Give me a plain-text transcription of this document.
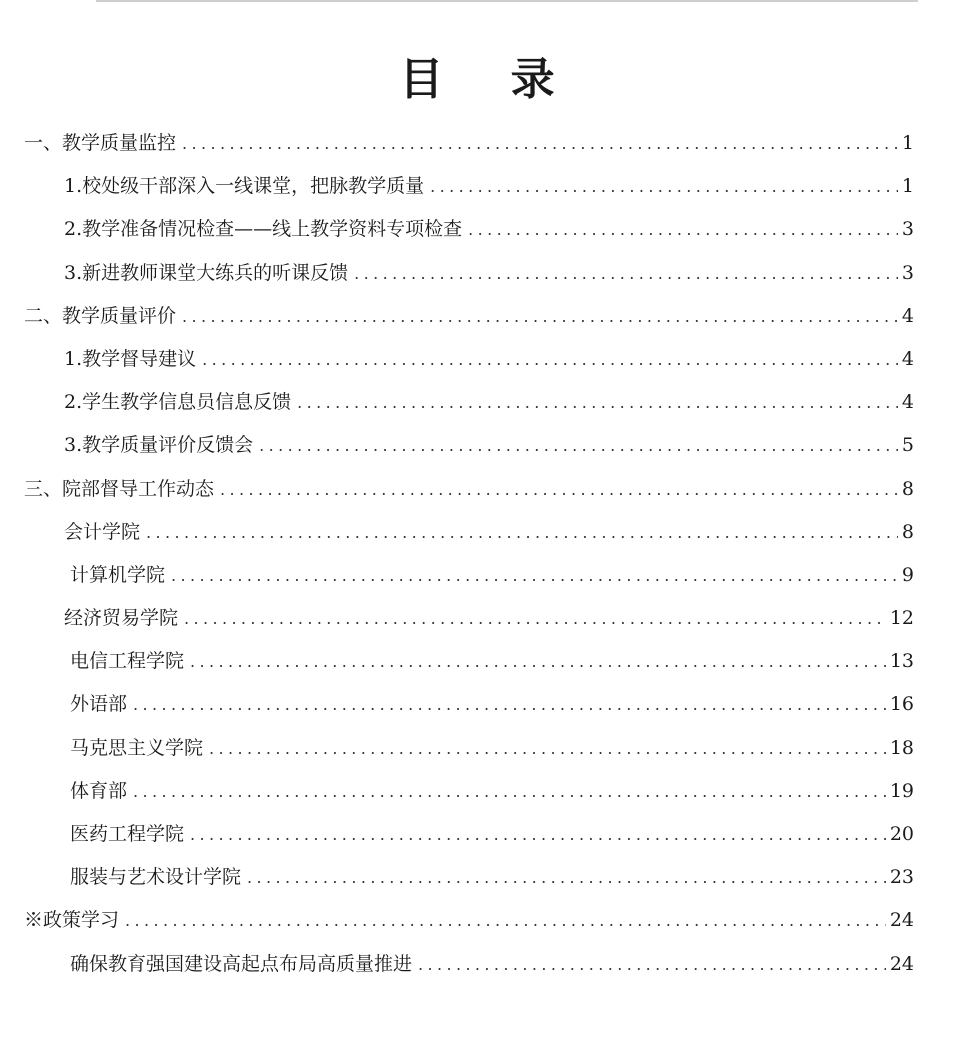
目 录
一、教学质量监控 .....	1
1.校处级干部深入一线课堂，把脉教学质量 .....	1
2.教学准备情况检查——线上教学资料专项检查 .....	3
3.新进教师课堂大练兵的听课反馈 .....	3
二、教学质量评价 .....	4
1.教学督导建议 .....	4
2.学生教学信息员信息反馈 .....	4
3.教学质量评价反馈会 .....	5
三、院部督导工作动态 .....	8
会计学院 .....	8
计算机学院 .....	9
经济贸易学院 .....	12
电信工程学院 .....	13
外语部 .....	16
马克思主义学院 .....	18
体育部 .....	19
医药工程学院 .....	20
服装与艺术设计学院 .....	23
※政策学习 .....	24
确保教育强国建设高起点布局高质量推进 .....	24
